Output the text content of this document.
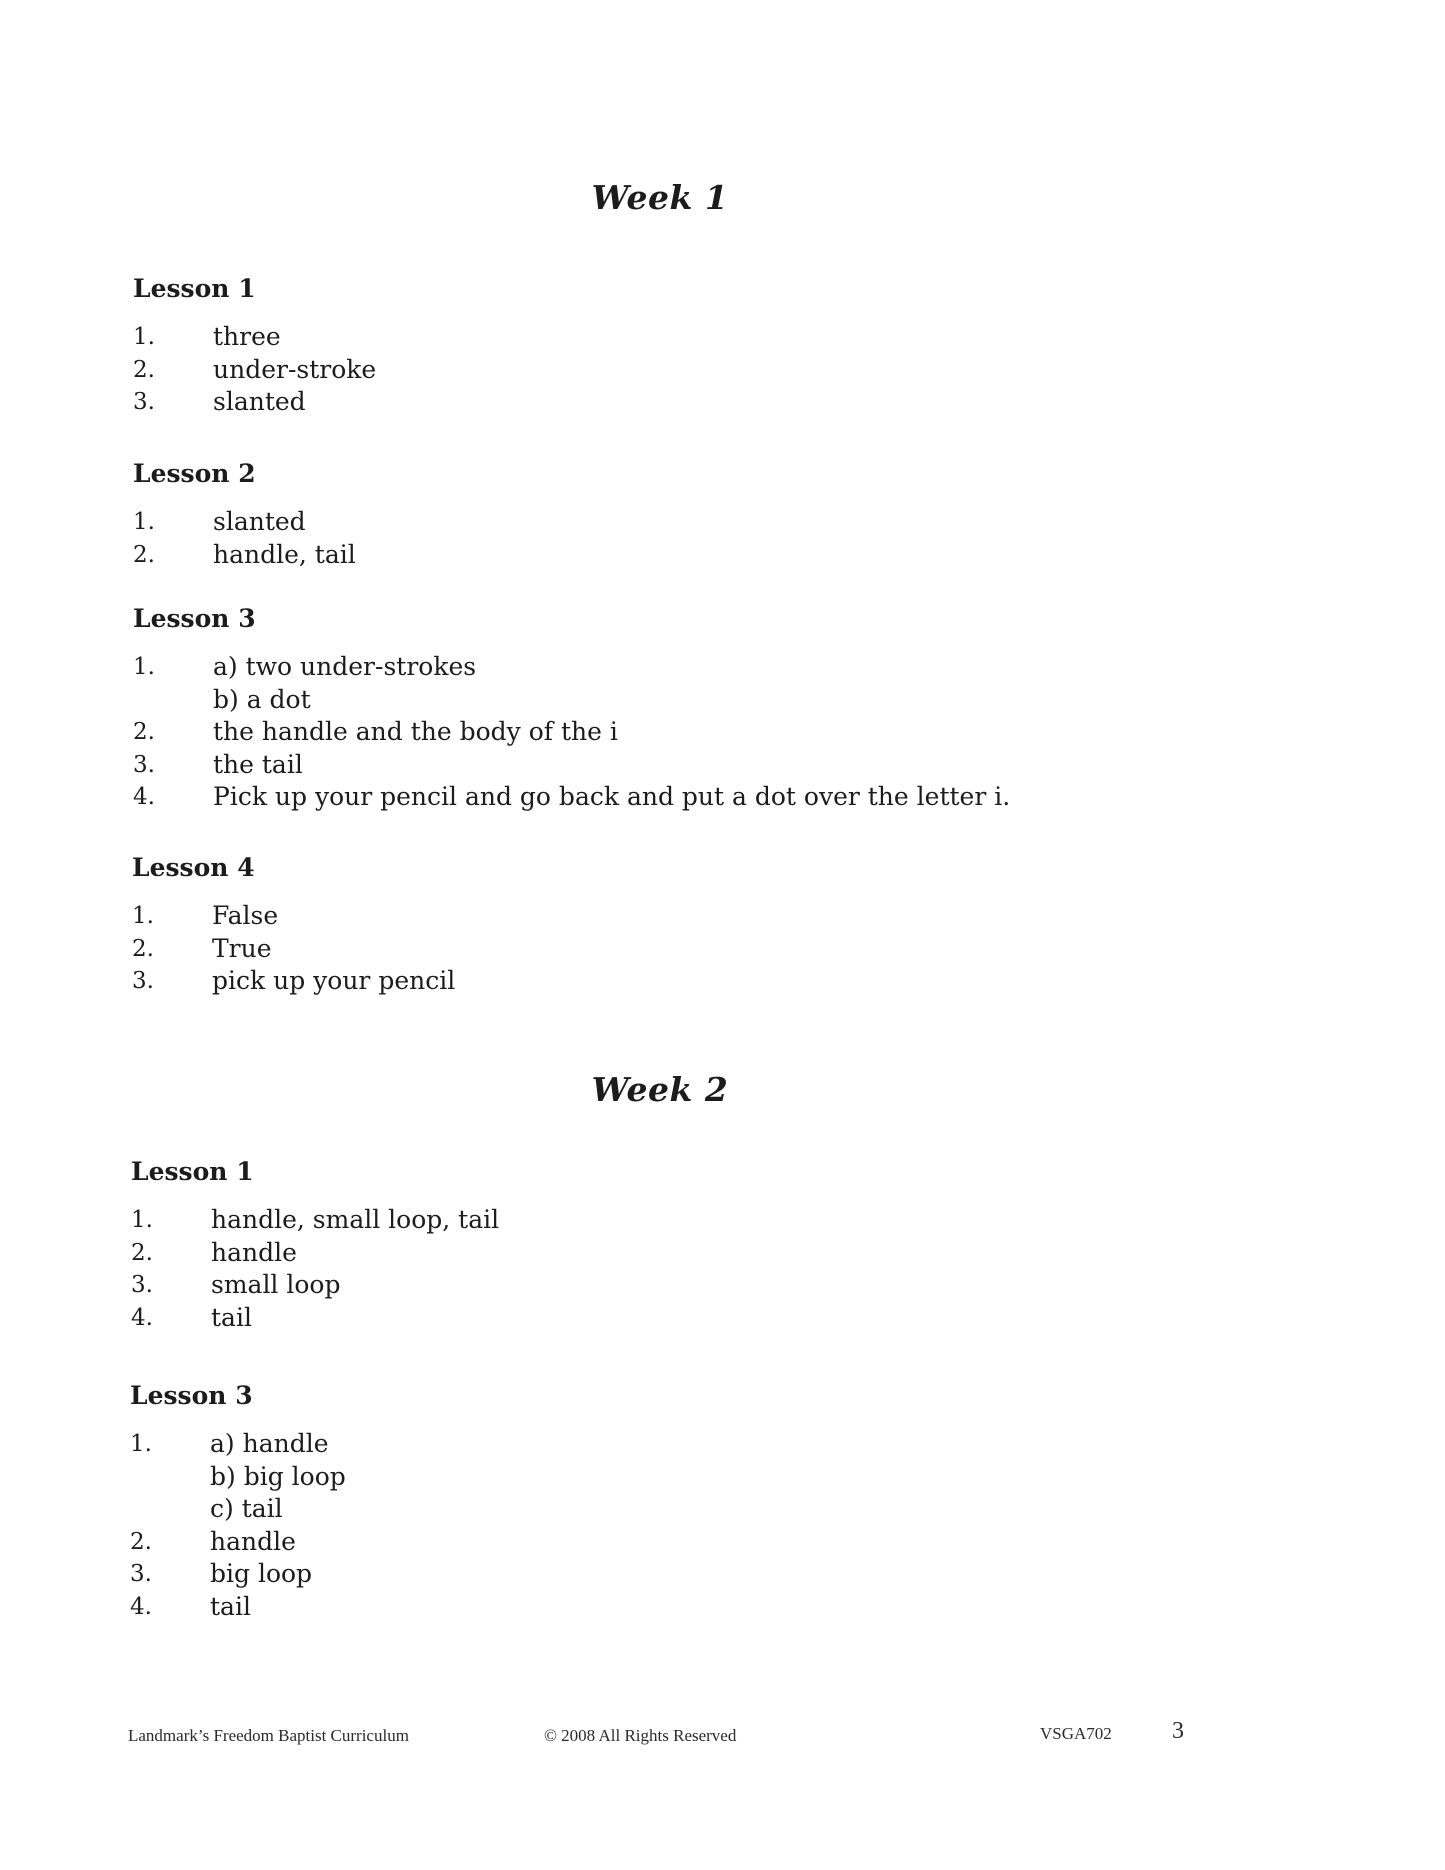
Week 1
Lesson 1
1.	three
2.	under-stroke
3.	slanted
Lesson 2
1.	slanted
2.	handle, tail
Lesson 3
1.	a) two under-strokes
b) a dot
2.	the handle and the body of the i
3.	the tail
4.	Pick up your pencil and go back and put a dot over the letter i.
Lesson 4
1.	False
2.	True
3.	pick up your pencil
Week 2
Lesson 1
1.	handle, small loop, tail
2.	handle
3.	small loop
4.	tail
Lesson 3
1.	a) handle
b) big loop
c) tail
2.	handle
3.	big loop
4.	tail
Landmark’s Freedom Baptist Curriculum	© 2008 All Rights Reserved	VSGA702	3
